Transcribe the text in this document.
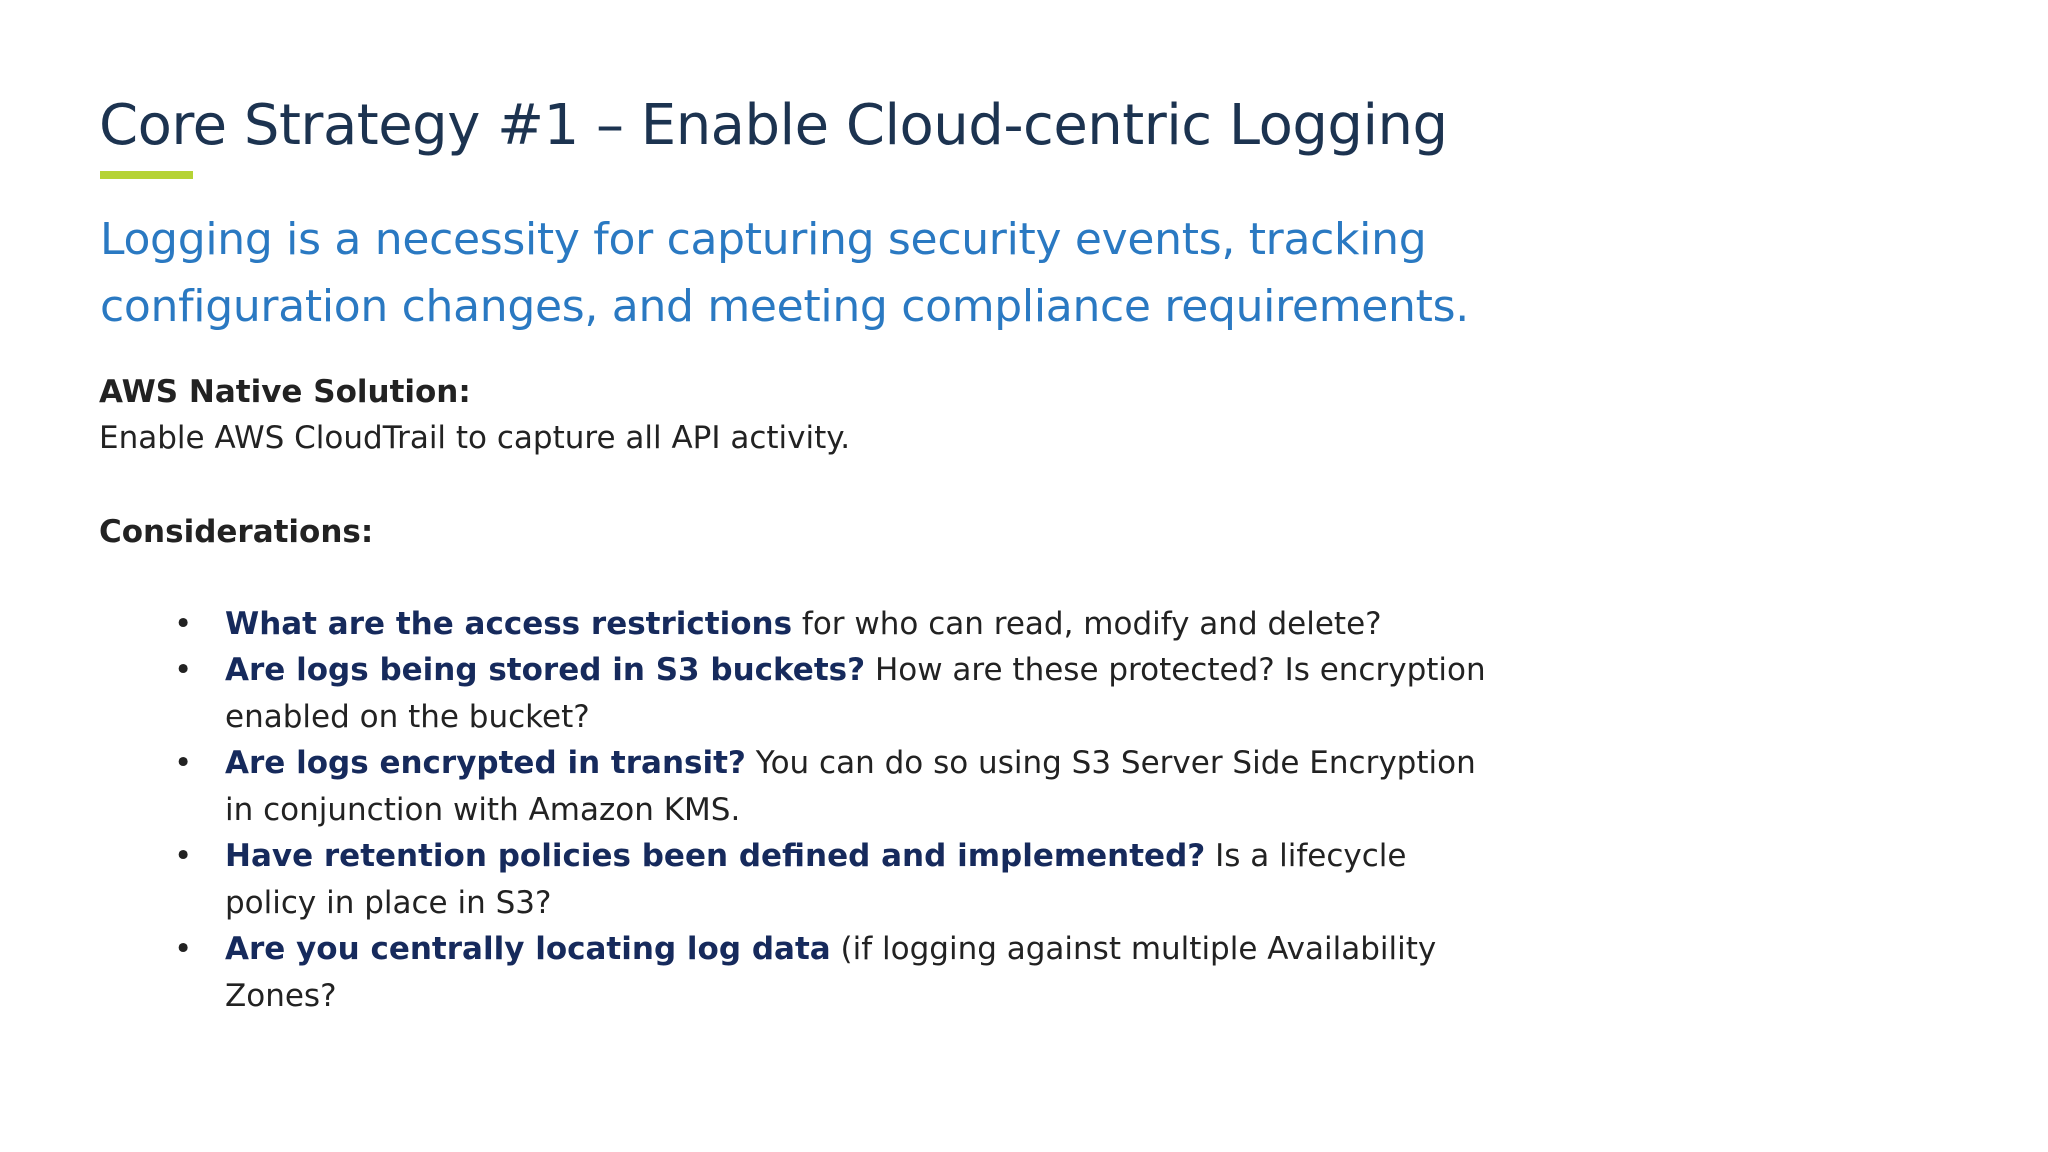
Core Strategy #1 – Enable Cloud-centric Logging
Logging is a necessity for capturing security events, tracking
configuration changes, and meeting compliance requirements.
AWS Native Solution:
Enable AWS CloudTrail to capture all API activity.
Considerations:
• What are the access restrictions for who can read, modify and delete?
• Are logs being stored in S3 buckets? How are these protected? Is encryption enabled on the bucket?
• Are logs encrypted in transit? You can do so using S3 Server Side Encryption in conjunction with Amazon KMS.
• Have retention policies been defined and implemented? Is a lifecycle policy in place in S3?
• Are you centrally locating log data (if logging against multiple Availability Zones?
